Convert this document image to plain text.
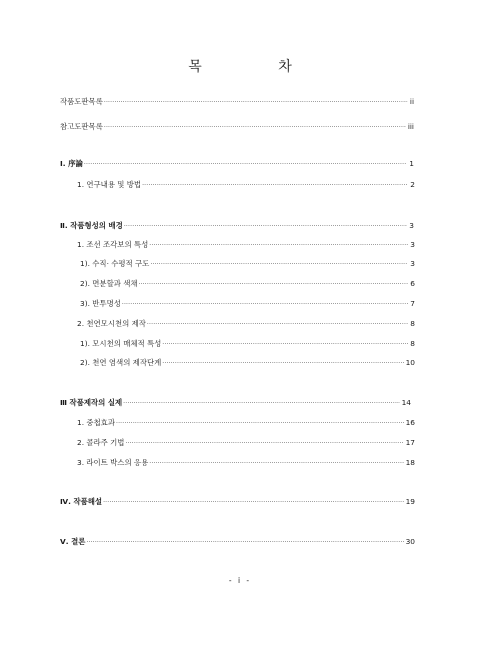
목 차
작품도판목록 ·····	ii
참고도판목록 ·····	iii
Ⅰ. 序論 ·····	1
1. 연구내용 및 방법 ·····	2
Ⅱ. 작품형성의 배경 ·····	3
1. 조선 조각보의 특성 ·····	3
1). 수직· 수평적 구도 ·····	3
2). 면분할과 색채 ·····	6
3). 반투명성 ·····	7
2. 천연모시천의 제작 ·····	8
1). 모시천의 매체적 특성 ·····	8
2). 천연 염색의 제작단계 ·····	10
Ⅲ 작품제작의 실제 ·····	14
1. 중첩효과 ·····	16
2. 콜라주 기법 ·····	17
3. 라이트 박스의 응용 ·····	18
Ⅳ. 작품해설 ·····	19
Ⅴ. 결론 ·····	30
- i -
